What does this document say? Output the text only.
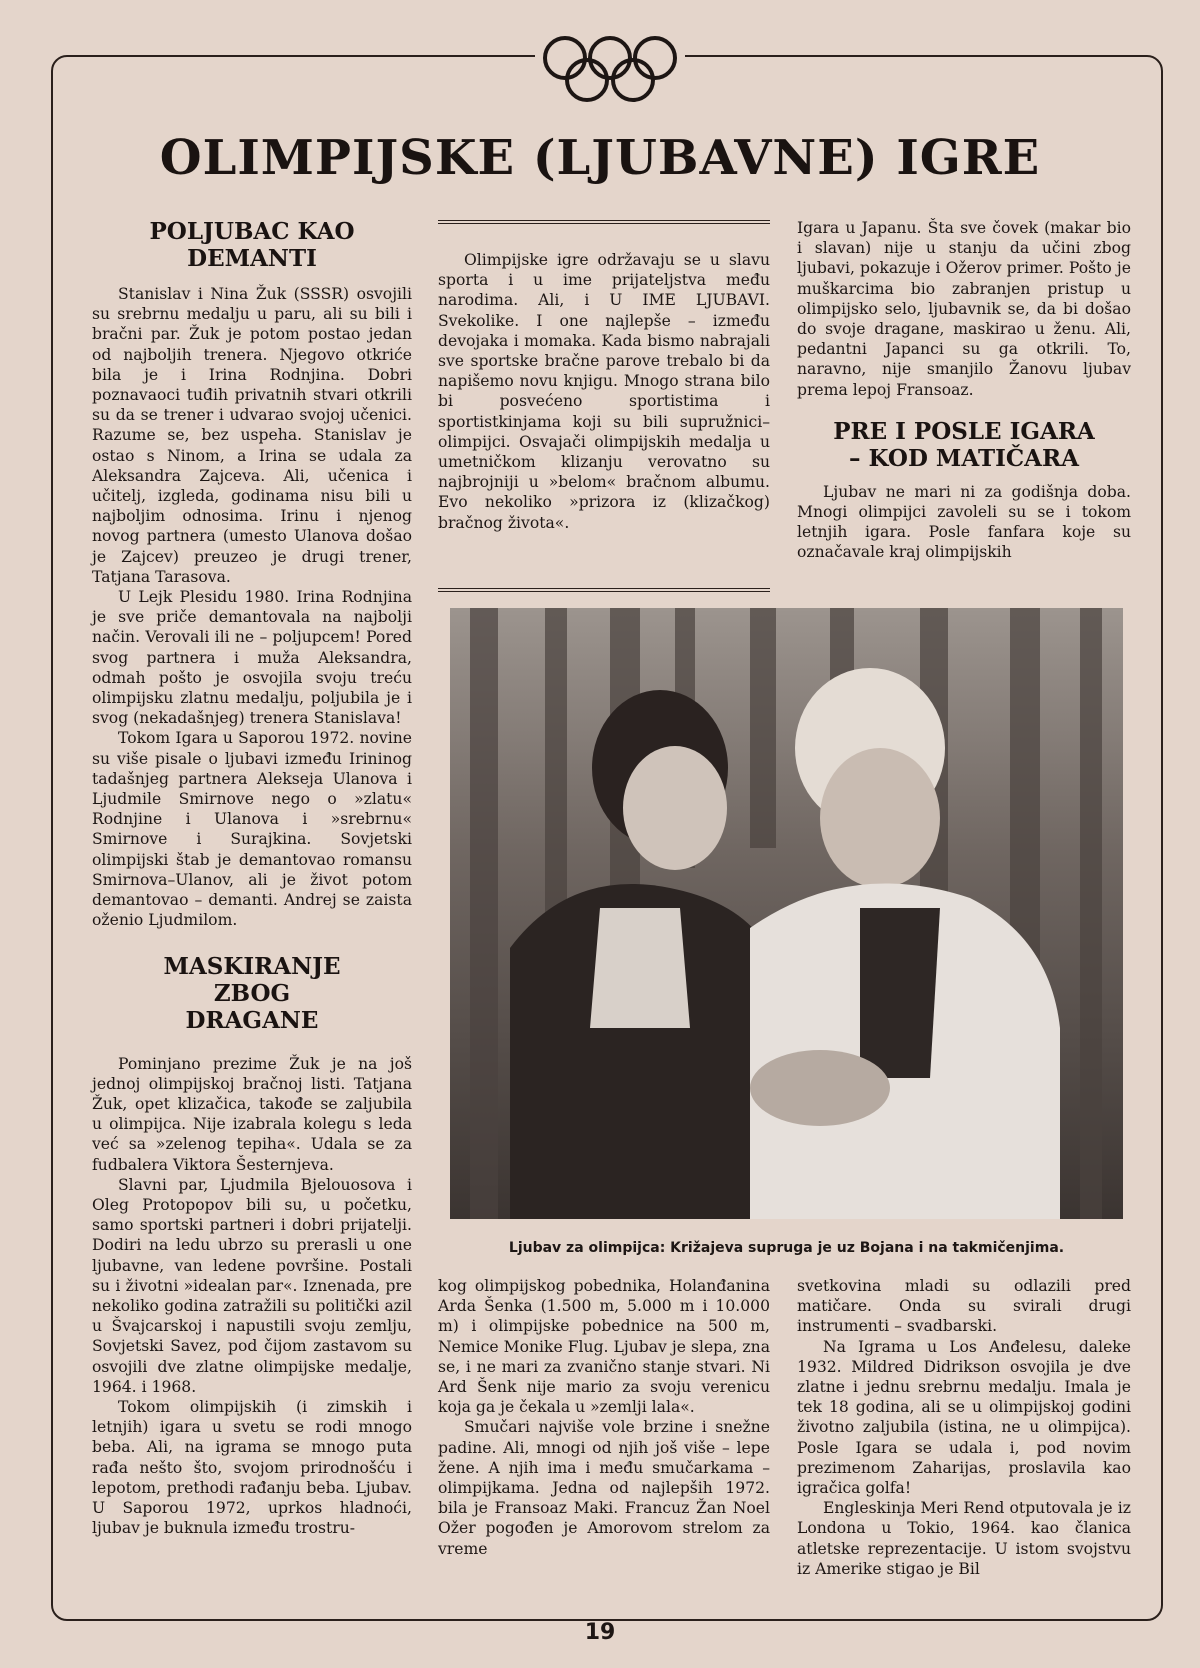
OLIMPIJSKE (LJUBAVNE) IGRE
POLJUBAC KAO DEMANTI

Stanislav i Nina Žuk (SSSR) osvojili su srebrnu medalju u paru, ali su bili i bračni par. Žuk je potom postao jedan od najboljih trenera. Njegovo otkriće bila je i Irina Rodnjina. Dobri poznavaoci tuđih privatnih stvari otkrili su da se trener i udvarao svojoj učenici. Razume se, bez uspeha. Stanislav je ostao s Ninom, a Irina se udala za Aleksandra Zajceva. Ali, učenica i učitelj, izgleda, godinama nisu bili u najboljim odnosima. Irinu i njenog novog partnera (umesto Ulanova došao je Zajcev) preuzeo je drugi trener, Tatjana Tarasova.

U Lejk Plesidu 1980. Irina Rodnjina je sve priče demantovala na najbolji način. Verovali ili ne – poljupcem! Pored svog partnera i muža Aleksandra, odmah pošto je osvojila svoju treću olimpijsku zlatnu medalju, poljubila je i svog (nekadašnjeg) trenera Stanislava!

Tokom Igara u Saporou 1972. novine su više pisale o ljubavi između Irininog tadašnjeg partnera Alekseja Ulanova i Ljudmile Smirnove nego o »zlatu« Rodnjine i Ulanova i »srebrnu« Smirnove i Surajkina. Sovjetski olimpijski štab je demantovao romansu Smirnova–Ulanov, ali je život potom demantovao – demanti. Andrej se zaista oženio Ljudmilom.

MASKIRANJE ZBOG DRAGANE

Pominjano prezime Žuk je na još jednoj olimpijskoj bračnoj listi. Tatjana Žuk, opet klizačica, takođe se zaljubila u olimpijca. Nije izabrala kolegu s leda već sa »zelenog tepiha«. Udala se za fudbalera Viktora Šesternjeva.

Slavni par, Ljudmila Bjelouosova i Oleg Protopopov bili su, u početku, samo sportski partneri i dobri prijatelji. Dodiri na ledu ubrzo su prerasli u one ljubavne, van ledene površine. Postali su i životni »idealan par«. Iznenada, pre nekoliko godina zatražili su politički azil u Švajcarskoj i napustili svoju zemlju, Sovjetski Savez, pod čijom zastavom su osvojili dve zlatne olimpijske medalje, 1964. i 1968.

Tokom olimpijskih (i zimskih i letnjih) igara u svetu se rodi mnogo beba. Ali, na igrama se mnogo puta rađa nešto što, svojom prirodnošću i lepotom, prethodi rađanju beba. Ljubav. U Saporou 1972, uprkos hladnoći, ljubav je buknula između trostru-

Olimpijske igre održavaju se u slavu sporta i u ime prijateljstva među narodima. Ali, i U IME LJUBAVI. Svekolike. I one najlepše – između devojaka i momaka. Kada bismo nabrajali sve sportske bračne parove trebalo bi da napišemo novu knjigu. Mnogo strana bilo bi posvećeno sportistima i sportistkinjama koji su bili supružnici–olimpijci. Osvajači olimpijskih medalja u umetničkom klizanju verovatno su najbrojniji u »belom« bračnom albumu. Evo nekoliko »prizora iz (klizačkog) bračnog života«.

Igara u Japanu. Šta sve čovek (makar bio i slavan) nije u stanju da učini zbog ljubavi, pokazuje i Ožerov primer. Pošto je muškarcima bio zabranjen pristup u olimpijsko selo, ljubavnik se, da bi došao do svoje dragane, maskirao u ženu. Ali, pedantni Japanci su ga otkrili. To, naravno, nije smanjilo Žanovu ljubav prema lepoj Fransoaz.

PRE I POSLE IGARA – KOD MATIČARA

Ljubav ne mari ni za godišnja doba. Mnogi olimpijci zavoleli su se i tokom letnjih igara. Posle fanfara koje su označavale kraj olimpijskih

Ljubav za olimpijca: Križajeva supruga je uz Bojana i na takmičenjima.

kog olimpijskog pobednika, Holanđanina Arda Šenka (1.500 m, 5.000 m i 10.000 m) i olimpijske pobednice na 500 m, Nemice Monike Flug. Ljubav je slepa, zna se, i ne mari za zvanično stanje stvari. Ni Ard Šenk nije mario za svoju verenicu koja ga je čekala u »zemlji lala«.

Smučari najviše vole brzine i snežne padine. Ali, mnogi od njih još više – lepe žene. A njih ima i među smučarkama – olimpijkama. Jedna od najlepših 1972. bila je Fransoaz Maki. Francuz Žan Noel Ožer pogođen je Amorovom strelom za vreme

svetkovina mladi su odlazili pred matičare. Onda su svirali drugi instrumenti – svadbarski.

Na Igrama u Los Anđelesu, daleke 1932. Mildred Didrikson osvojila je dve zlatne i jednu srebrnu medalju. Imala je tek 18 godina, ali se u olimpijskoj godini životno zaljubila (istina, ne u olimpijca). Posle Igara se udala i, pod novim prezimenom Zaharijas, proslavila kao igračica golfa!

Engleskinja Meri Rend otputovala je iz Londona u Tokio, 1964. kao članica atletske reprezentacije. U istom svojstvu iz Amerike stigao je Bil

19
